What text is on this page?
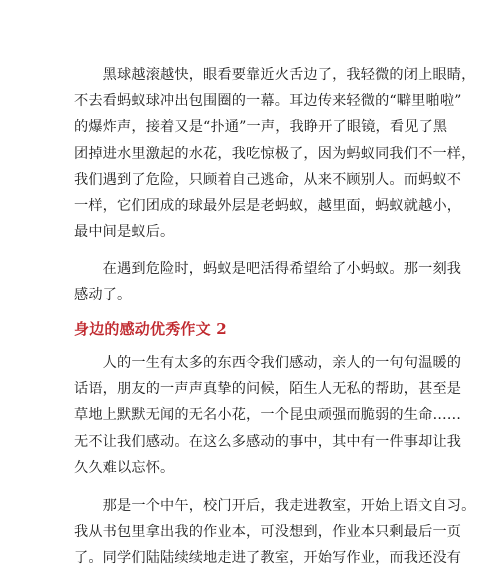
　　黑球越滚越快，眼看要靠近火舌边了，我轻微的闭上眼睛，
不去看蚂蚁球冲出包围圈的一幕。耳边传来轻微的“噼里啪啦”
的爆炸声，接着又是“扑通”一声，我睁开了眼镜，看见了黑
团掉进水里激起的水花，我吃惊极了，因为蚂蚁同我们不一样，
我们遇到了危险，只顾着自己逃命，从来不顾别人。而蚂蚁不
一样，它们团成的球最外层是老蚂蚁，越里面，蚂蚁就越小，
最中间是蚁后。

　　在遇到危险时，蚂蚁是吧活得希望给了小蚂蚁。那一刻我
感动了。

身边的感动优秀作文 2

　　人的一生有太多的东西令我们感动，亲人的一句句温暖的
话语，朋友的一声声真挚的问候，陌生人无私的帮助，甚至是
草地上默默无闻的无名小花，一个昆虫顽强而脆弱的生命……
无不让我们感动。在这么多感动的事中，其中有一件事却让我
久久难以忘怀。

　　那是一个中午，校门开后，我走进教室，开始上语文自习。
我从书包里拿出我的作业本，可没想到，作业本只剩最后一页
了。同学们陆陆续续地走进了教室，开始写作业，而我还没有
